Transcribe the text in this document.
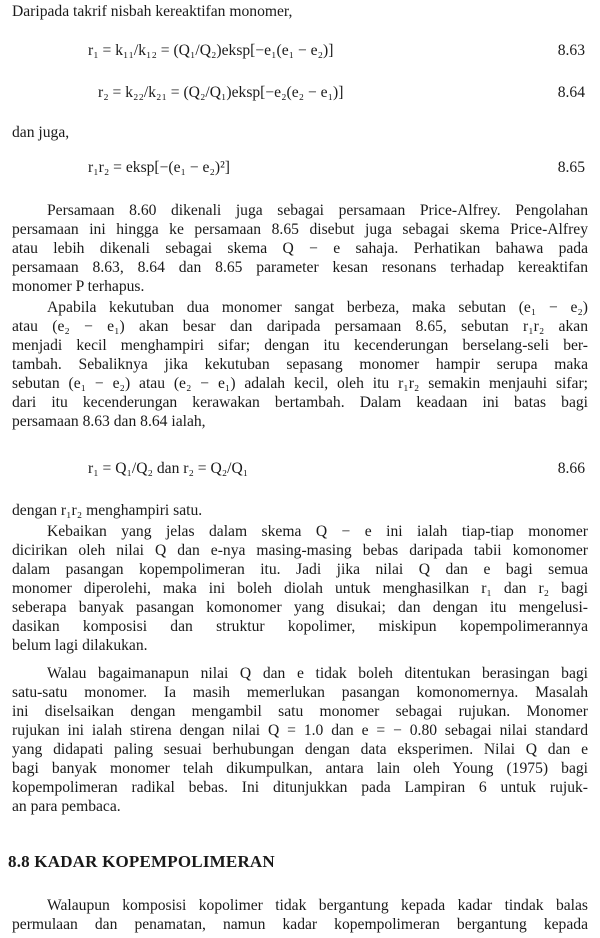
Daripada takrif nisbah kereaktifan monomer,
r₁ = k₁₁/k₁₂ = (Q₁/Q₂)eksp[−e₁(e₁ − e₂)]	8.63
r₂ = k₂₂/k₂₁ = (Q₂/Q₁)eksp[−e₂(e₂ − e₁)]	8.64
dan juga,
r₁r₂ = eksp[−(e₁ − e₂)²]	8.65
Persamaan 8.60 dikenali juga sebagai persamaan Price-Alfrey. Pengolahan
persamaan ini hingga ke persamaan 8.65 disebut juga sebagai skema Price-Alfrey
atau lebih dikenali sebagai skema Q − e sahaja. Perhatikan bahawa pada
persamaan 8.63, 8.64 dan 8.65 parameter kesan resonans terhadap kereaktifan
monomer P terhapus.
Apabila kekutuban dua monomer sangat berbeza, maka sebutan (e₁ − e₂)
atau (e₂ − e₁) akan besar dan daripada persamaan 8.65, sebutan r₁r₂ akan
menjadi kecil menghampiri sifar; dengan itu kecenderungan berselang-seli ber-
tambah. Sebaliknya jika kekutuban sepasang monomer hampir serupa maka
sebutan (e₁ − e₂) atau (e₂ − e₁) adalah kecil, oleh itu r₁r₂ semakin menjauhi sifar;
dari itu kecenderungan kerawakan bertambah. Dalam keadaan ini batas bagi
persamaan 8.63 dan 8.64 ialah,
r₁ = Q₁/Q₂ dan r₂ = Q₂/Q₁	8.66
dengan r₁r₂ menghampiri satu.
Kebaikan yang jelas dalam skema Q − e ini ialah tiap-tiap monomer
dicirikan oleh nilai Q dan e-nya masing-masing bebas daripada tabii komonomer
dalam pasangan kopempolimeran itu. Jadi jika nilai Q dan e bagi semua
monomer diperolehi, maka ini boleh diolah untuk menghasilkan r₁ dan r₂ bagi
seberapa banyak pasangan komonomer yang disukai; dan dengan itu mengelusi-
dasikan komposisi dan struktur kopolimer, miskipun kopempolimerannya
belum lagi dilakukan.
Walau bagaimanapun nilai Q dan e tidak boleh ditentukan berasingan bagi
satu-satu monomer. Ia masih memerlukan pasangan komonomernya. Masalah
ini diselsaikan dengan mengambil satu monomer sebagai rujukan. Monomer
rujukan ini ialah stirena dengan nilai Q = 1.0 dan e = − 0.80 sebagai nilai standard
yang didapati paling sesuai berhubungan dengan data eksperimen. Nilai Q dan e
bagi banyak monomer telah dikumpulkan, antara lain oleh Young (1975) bagi
kopempolimeran radikal bebas. Ini ditunjukkan pada Lampiran 6 untuk rujuk-
an para pembaca.
8.8 KADAR KOPEMPOLIMERAN
Walaupun komposisi kopolimer tidak bergantung kepada kadar tindak balas
permulaan dan penamatan, namun kadar kopempolimeran bergantung kepada
